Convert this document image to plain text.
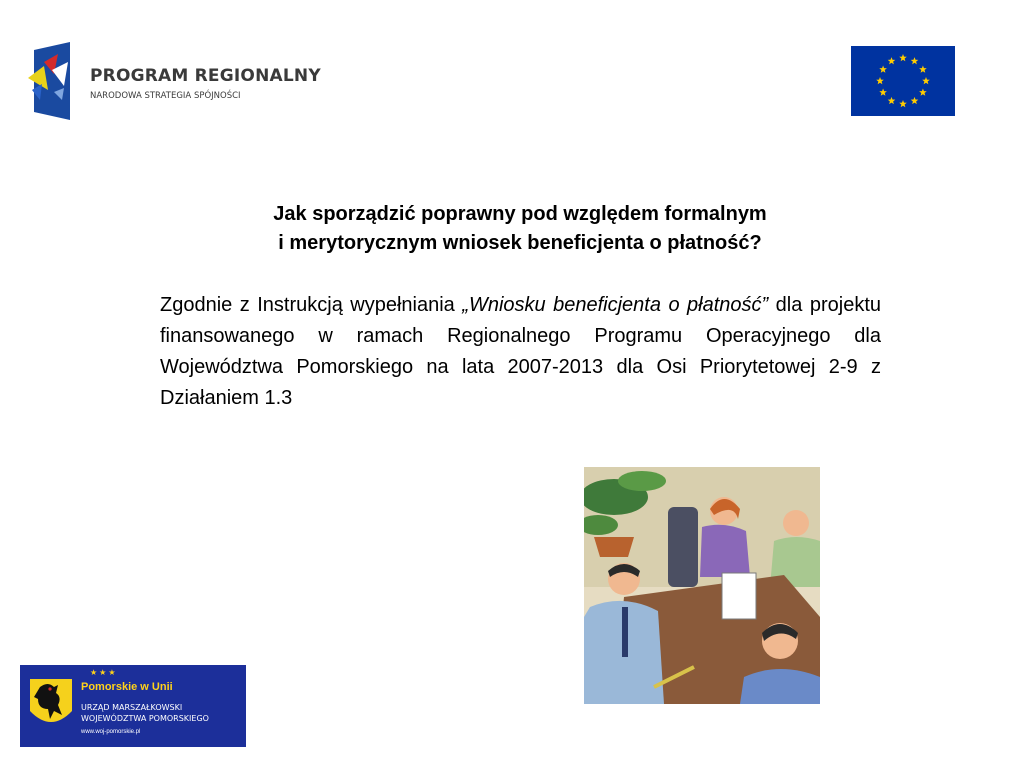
PROGRAM REGIONALNY
NARODOWA STRATEGIA SPÓJNOŚCI
Jak sporządzić poprawny pod względem formalnym
i merytorycznym wniosek beneficjenta o płatność?
Zgodnie z Instrukcją wypełniania „Wniosku beneficjenta o płatność” dla projektu finansowanego w ramach Regionalnego Programu Operacyjnego dla Województwa Pomorskiego na lata 2007-2013 dla Osi Priorytetowej 2-9 z Działaniem 1.3
★★★
Pomorskie w Unii
URZĄD MARSZAŁKOWSKI
WOJEWÓDZTWA POMORSKIEGO
www.woj-pomorskie.pl
